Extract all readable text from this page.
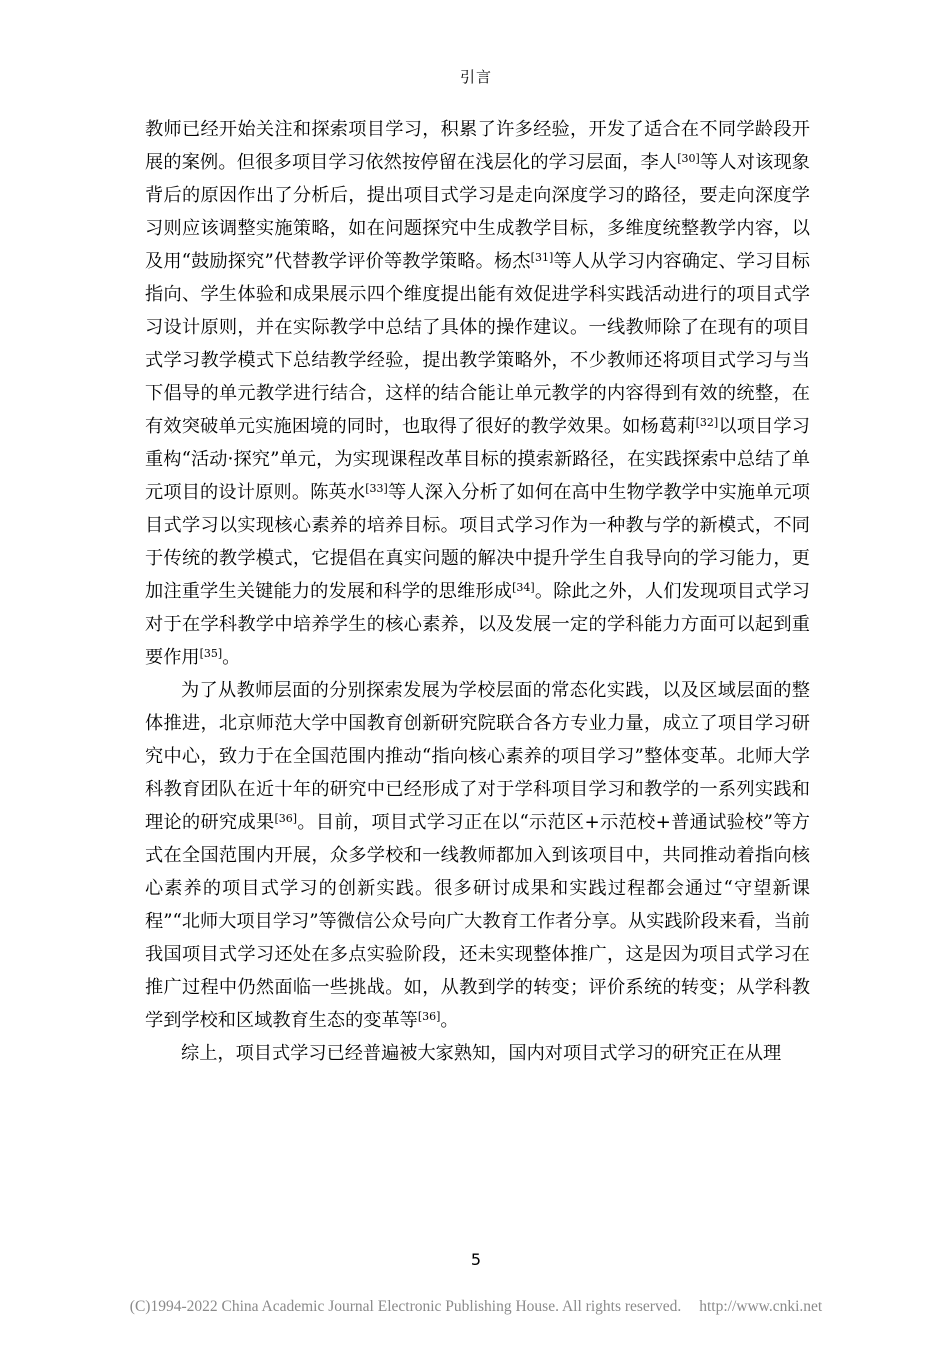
引言

教师已经开始关注和探索项目学习，积累了许多经验，开发了适合在不同学龄段开展的案例。但很多项目学习依然按停留在浅层化的学习层面，李人[30]等人对该现象背后的原因作出了分析后，提出项目式学习是走向深度学习的路径，要走向深度学习则应该调整实施策略，如在问题探究中生成教学目标，多维度统整教学内容，以及用“鼓励探究”代替教学评价等教学策略。杨杰[31]等人从学习内容确定、学习目标指向、学生体验和成果展示四个维度提出能有效促进学科实践活动进行的项目式学习设计原则，并在实际教学中总结了具体的操作建议。一线教师除了在现有的项目式学习教学模式下总结教学经验，提出教学策略外，不少教师还将项目式学习与当下倡导的单元教学进行结合，这样的结合能让单元教学的内容得到有效的统整，在有效突破单元实施困境的同时，也取得了很好的教学效果。如杨葛莉[32]以项目学习重构“活动·探究”单元，为实现课程改革目标的摸索新路径，在实践探索中总结了单元项目的设计原则。陈英水[33]等人深入分析了如何在高中生物学教学中实施单元项目式学习以实现核心素养的培养目标。项目式学习作为一种教与学的新模式，不同于传统的教学模式，它提倡在真实问题的解决中提升学生自我导向的学习能力，更加注重学生关键能力的发展和科学的思维形成[34]。除此之外，人们发现项目式学习对于在学科教学中培养学生的核心素养，以及发展一定的学科能力方面可以起到重要作用[35]。

为了从教师层面的分别探索发展为学校层面的常态化实践，以及区域层面的整体推进，北京师范大学中国教育创新研究院联合各方专业力量，成立了项目学习研究中心，致力于在全国范围内推动“指向核心素养的项目学习”整体变革。北师大学科教育团队在近十年的研究中已经形成了对于学科项目学习和教学的一系列实践和理论的研究成果[36]。目前，项目式学习正在以“示范区+示范校+普通试验校”等方式在全国范围内开展，众多学校和一线教师都加入到该项目中，共同推动着指向核心素养的项目式学习的创新实践。很多研讨成果和实践过程都会通过“守望新课程”“北师大项目学习”等微信公众号向广大教育工作者分享。从实践阶段来看，当前我国项目式学习还处在多点实验阶段，还未实现整体推广，这是因为项目式学习在推广过程中仍然面临一些挑战。如，从教到学的转变；评价系统的转变；从学科教学到学校和区域教育生态的变革等[36]。

综上，项目式学习已经普遍被大家熟知，国内对项目式学习的研究正在从理

5
(C)1994-2022 China Academic Journal Electronic Publishing House. All rights reserved. http://www.cnki.net
